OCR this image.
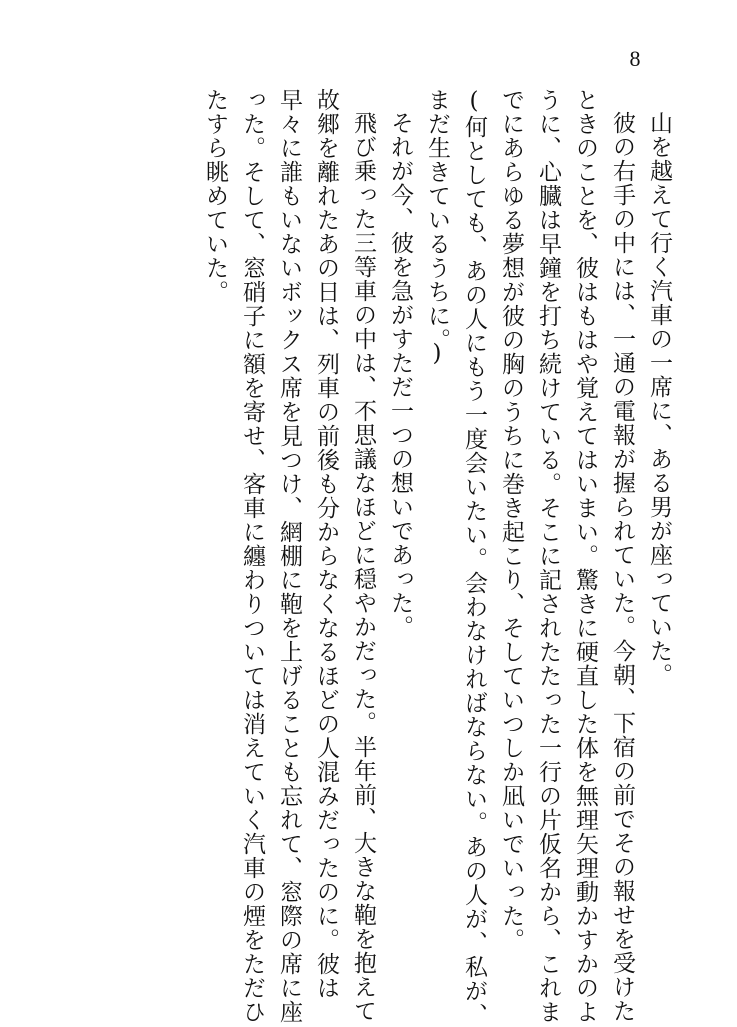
8
山を越えて行く汽車の一席に、ある男が座っていた。
彼の右手の中には、一通の電報が握られていた。今朝、下宿の前でその報せを受けた
ときのことを、彼はもはや覚えてはいまい。驚きに硬直した体を無理矢理動かすかのよ
うに、心臓は早鐘を打ち続けている。そこに記されたたった一行の片仮名から、これま
でにあらゆる夢想が彼の胸のうちに巻き起こり、そしていつしか凪いでいった。
(何としても、あの人にもう一度会いたい。会わなければならない。あの人が、私が、
まだ生きているうちに。)
それが今、彼を急がすただ一つの想いであった。
飛び乗った三等車の中は、不思議なほどに穏やかだった。半年前、大きな鞄を抱えて
故郷を離れたあの日は、列車の前後も分からなくなるほどの人混みだったのに。彼は
早々に誰もいないボックス席を見つけ、網棚に鞄を上げることも忘れて、窓際の席に座
った。そして、窓硝子に額を寄せ、客車に纏わりついては消えていく汽車の煙をただひ
たすら眺めていた。
